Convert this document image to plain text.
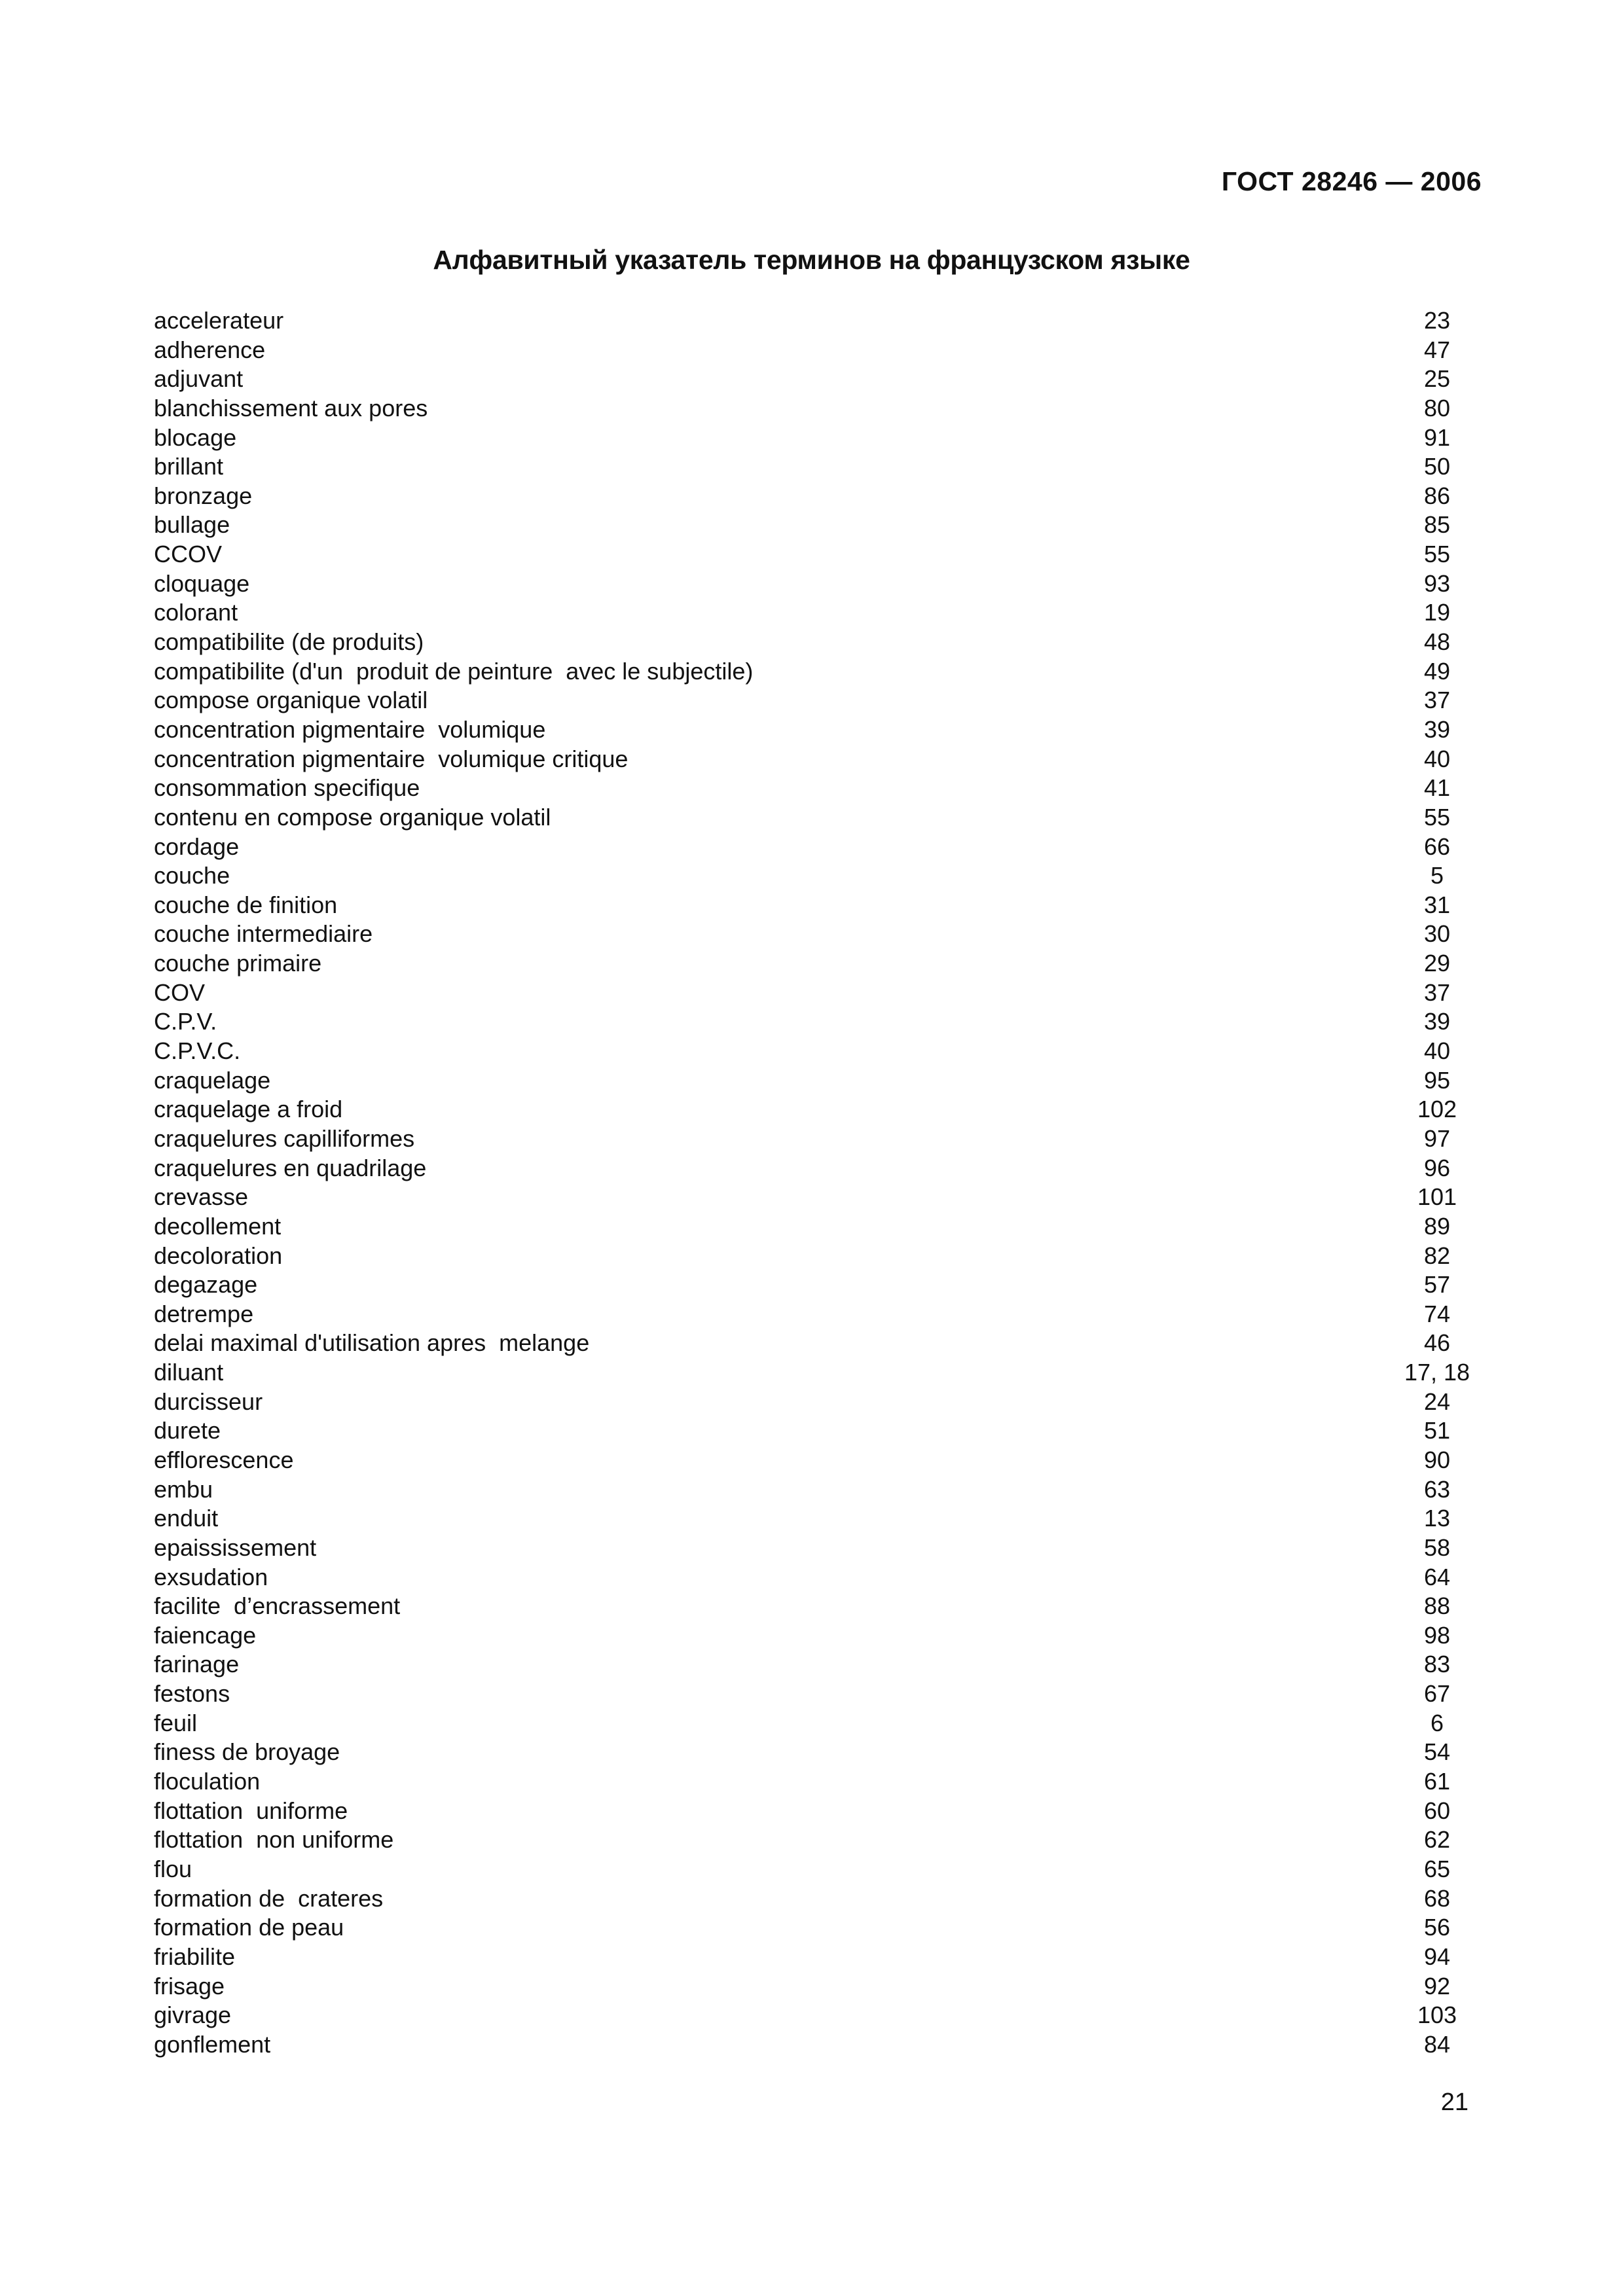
ГОСТ 28246 — 2006
Алфавитный указатель терминов на французском языке
accelerateur	23
adherence	47
adjuvant	25
blanchissement aux pores	80
blocage	91
brillant	50
bronzage	86
bullage	85
CCOV	55
cloquage	93
colorant	19
compatibilite (de produits)	48
compatibilite (d'un  produit de peinture  avec le subjectile)	49
compose organique volatil	37
concentration pigmentaire  volumique	39
concentration pigmentaire  volumique critique	40
consommation specifique	41
contenu en compose organique volatil	55
cordage	66
couche	5
couche de finition	31
couche intermediaire	30
couche primaire	29
COV	37
C.P.V.	39
C.P.V.C.	40
craquelage	95
craquelage a froid	102
craquelures capilliformes	97
craquelures en quadrilage	96
crevasse	101
decollement	89
decoloration	82
degazage	57
detrempe	74
delai maximal d'utilisation apres  melange	46
diluant	17, 18
durcisseur	24
durete	51
efflorescence	90
embu	63
enduit	13
epaississement	58
exsudation	64
facilite  d’encrassement	88
faiencage	98
farinage	83
festons	67
feuil	6
finess de broyage	54
floculation	61
flottation  uniforme	60
flottation  non uniforme	62
flou	65
formation de  crateres	68
formation de peau	56
friabilite	94
frisage	92
givrage	103
gonflement	84
21
